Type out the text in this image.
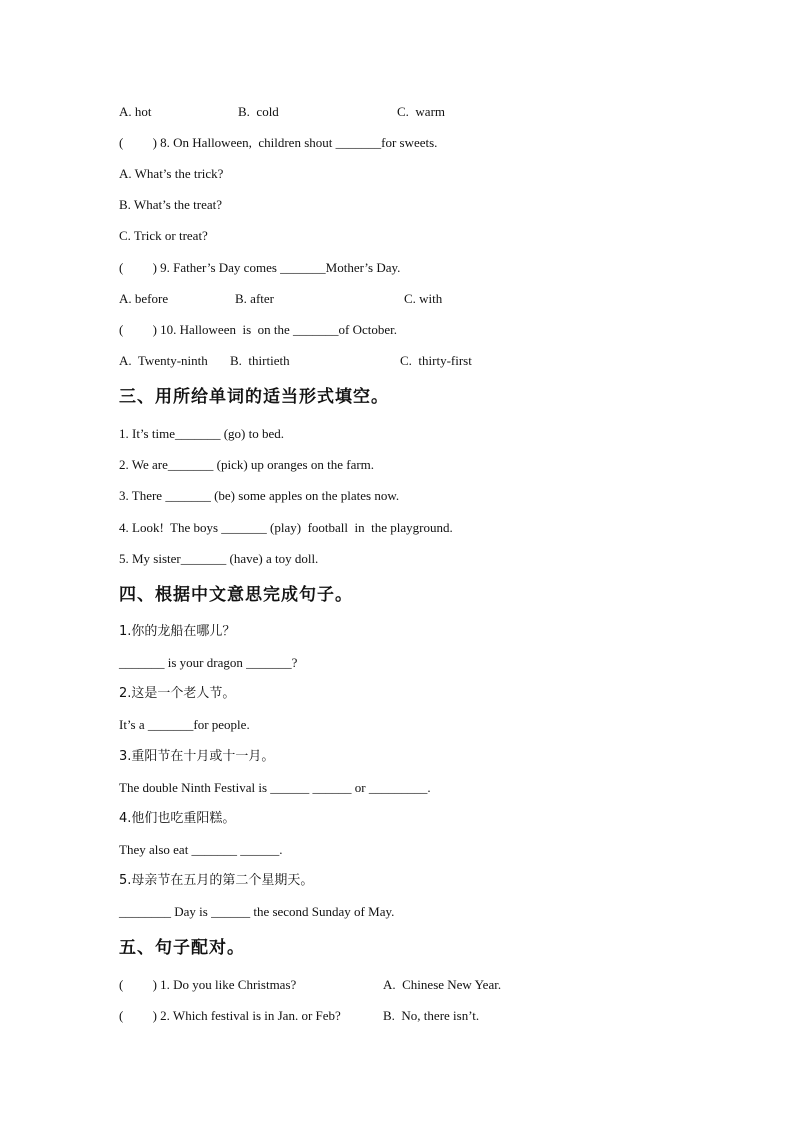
A. hot	B.  cold	C.  warm
(         ) 8. On Halloween,  children shout _______for sweets.
A. What’s the trick?
B. What’s the treat?
C. Trick or treat?
(         ) 9. Father’s Day comes _______Mother’s Day.
A. before	B. after	C. with
(         ) 10. Halloween  is  on the _______of October.
A.  Twenty-ninth B.  thirtieth	C.  thirty-first
三、用所给单词的适当形式填空。
1. It’s time_______ (go) to bed.
2. We are_______ (pick) up oranges on the farm.
3. There _______ (be) some apples on the plates now.
4. Look!  The boys _______ (play)  football  in  the playground.
5. My sister_______ (have) a toy doll.
四、根据中文意思完成句子。
1.你的龙船在哪儿？
_______ is your dragon _______?
2.这是一个老人节。
It’s a _______for people.
3.重阳节在十月或十一月。
The double Ninth Festival is ______ ______ or _________.
4.他们也吃重阳糕。
They also eat _______ ______.
5.母亲节在五月的第二个星期天。
________ Day is ______ the second Sunday of May.
五、句子配对。
(         ) 1. Do you like Christmas?	A.  Chinese New Year.
(         ) 2. Which festival is in Jan. or Feb?	B.  No, there isn’t.
